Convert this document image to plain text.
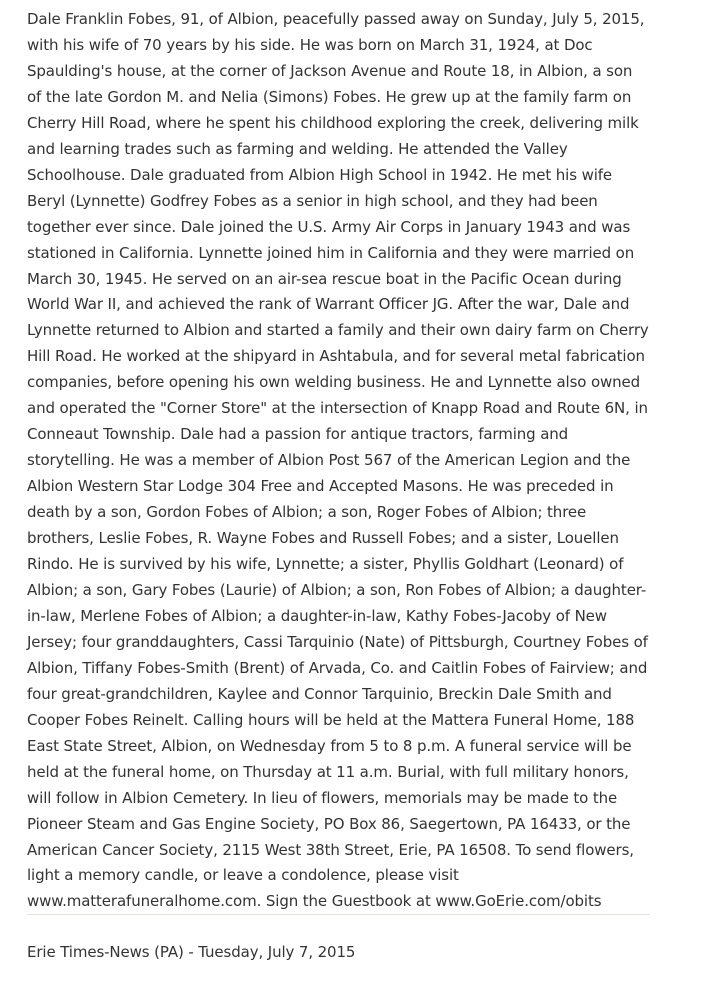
Dale Franklin Fobes, 91, of Albion, peacefully passed away on Sunday, July 5, 2015, with his wife of 70 years by his side. He was born on March 31, 1924, at Doc Spaulding's house, at the corner of Jackson Avenue and Route 18, in Albion, a son of the late Gordon M. and Nelia (Simons) Fobes. He grew up at the family farm on Cherry Hill Road, where he spent his childhood exploring the creek, delivering milk and learning trades such as farming and welding. He attended the Valley Schoolhouse. Dale graduated from Albion High School in 1942. He met his wife Beryl (Lynnette) Godfrey Fobes as a senior in high school, and they had been together ever since. Dale joined the U.S. Army Air Corps in January 1943 and was stationed in California. Lynnette joined him in California and they were married on March 30, 1945. He served on an air-sea rescue boat in the Pacific Ocean during World War II, and achieved the rank of Warrant Officer JG. After the war, Dale and Lynnette returned to Albion and started a family and their own dairy farm on Cherry Hill Road. He worked at the shipyard in Ashtabula, and for several metal fabrication companies, before opening his own welding business. He and Lynnette also owned and operated the "Corner Store" at the intersection of Knapp Road and Route 6N, in Conneaut Township. Dale had a passion for antique tractors, farming and storytelling. He was a member of Albion Post 567 of the American Legion and the Albion Western Star Lodge 304 Free and Accepted Masons. He was preceded in death by a son, Gordon Fobes of Albion; a son, Roger Fobes of Albion; three brothers, Leslie Fobes, R. Wayne Fobes and Russell Fobes; and a sister, Louellen Rindo. He is survived by his wife, Lynnette; a sister, Phyllis Goldhart (Leonard) of Albion; a son, Gary Fobes (Laurie) of Albion; a son, Ron Fobes of Albion; a daughter-in-law, Merlene Fobes of Albion; a daughter-in-law, Kathy Fobes-Jacoby of New Jersey; four granddaughters, Cassi Tarquinio (Nate) of Pittsburgh, Courtney Fobes of Albion, Tiffany Fobes-Smith (Brent) of Arvada, Co. and Caitlin Fobes of Fairview; and four great-grandchildren, Kaylee and Connor Tarquinio, Breckin Dale Smith and Cooper Fobes Reinelt. Calling hours will be held at the Mattera Funeral Home, 188 East State Street, Albion, on Wednesday from 5 to 8 p.m. A funeral service will be held at the funeral home, on Thursday at 11 a.m. Burial, with full military honors, will follow in Albion Cemetery. In lieu of flowers, memorials may be made to the Pioneer Steam and Gas Engine Society, PO Box 86, Saegertown, PA 16433, or the American Cancer Society, 2115 West 38th Street, Erie, PA 16508. To send flowers, light a memory candle, or leave a condolence, please visit www.matterafuneralhome.com. Sign the Guestbook at www.GoErie.com/obits

Erie Times-News (PA) - Tuesday, July 7, 2015
